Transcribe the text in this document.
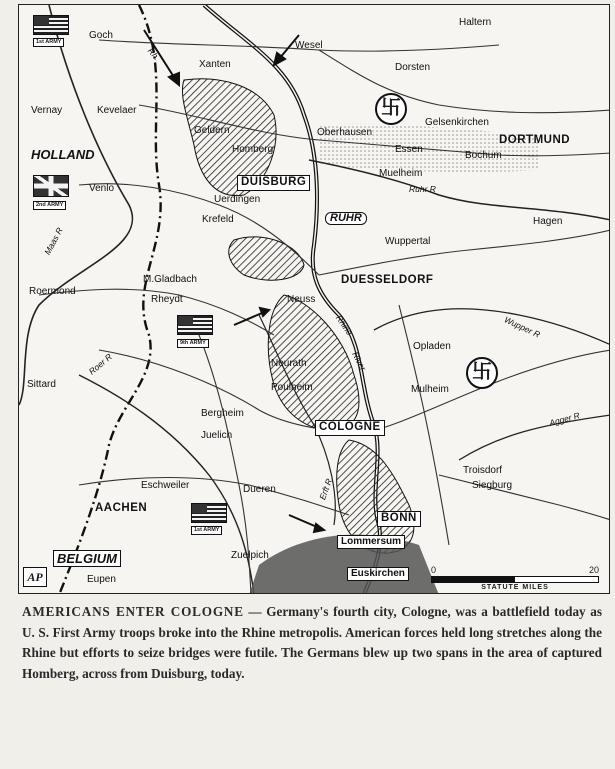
1st ARMY
2nd ARMY
9th ARMY
1st ARMY
卐
卐
HOLLAND
BELGIUM
Goch
Wesel
Haltern
Xanten	Dorsten
Vernay	Kevelaer
Geldern	Oberhausen
Gelsenkirchen
DORTMUND
Homberg	Essen
Bochum
DUISBURG
Muelheim
Venlo
Uerdingen
Krefeld	RUHR	Hagen
Wuppertal
M.Gladbach	DUESSELDORF
Roermond
Rheydt	Neuss
Opladen
Sittard
Neurath
Mulheim
Poulheim
Bergheim
COLOGNE
Juelich
Troisdorf
Siegburg
Eschweiler	Dueren
BONN
AACHEN
Lommersum
Zuelpich
Eupen
Euskirchen
Maas R
Roer R
Rhine
River
Rh.
Ruhr R
Wupper R
Agger R
Erft R
0	20
STATUTE MILES
AP
AMERICANS ENTER COLOGNE — Germany's fourth city, Cologne, was a battlefield today as U. S. First Army troops broke into the Rhine metropolis. American forces held long stretches along the Rhine but efforts to seize bridges were futile. The Germans blew up two spans in the area of captured Homberg, across from Duisburg, today.
